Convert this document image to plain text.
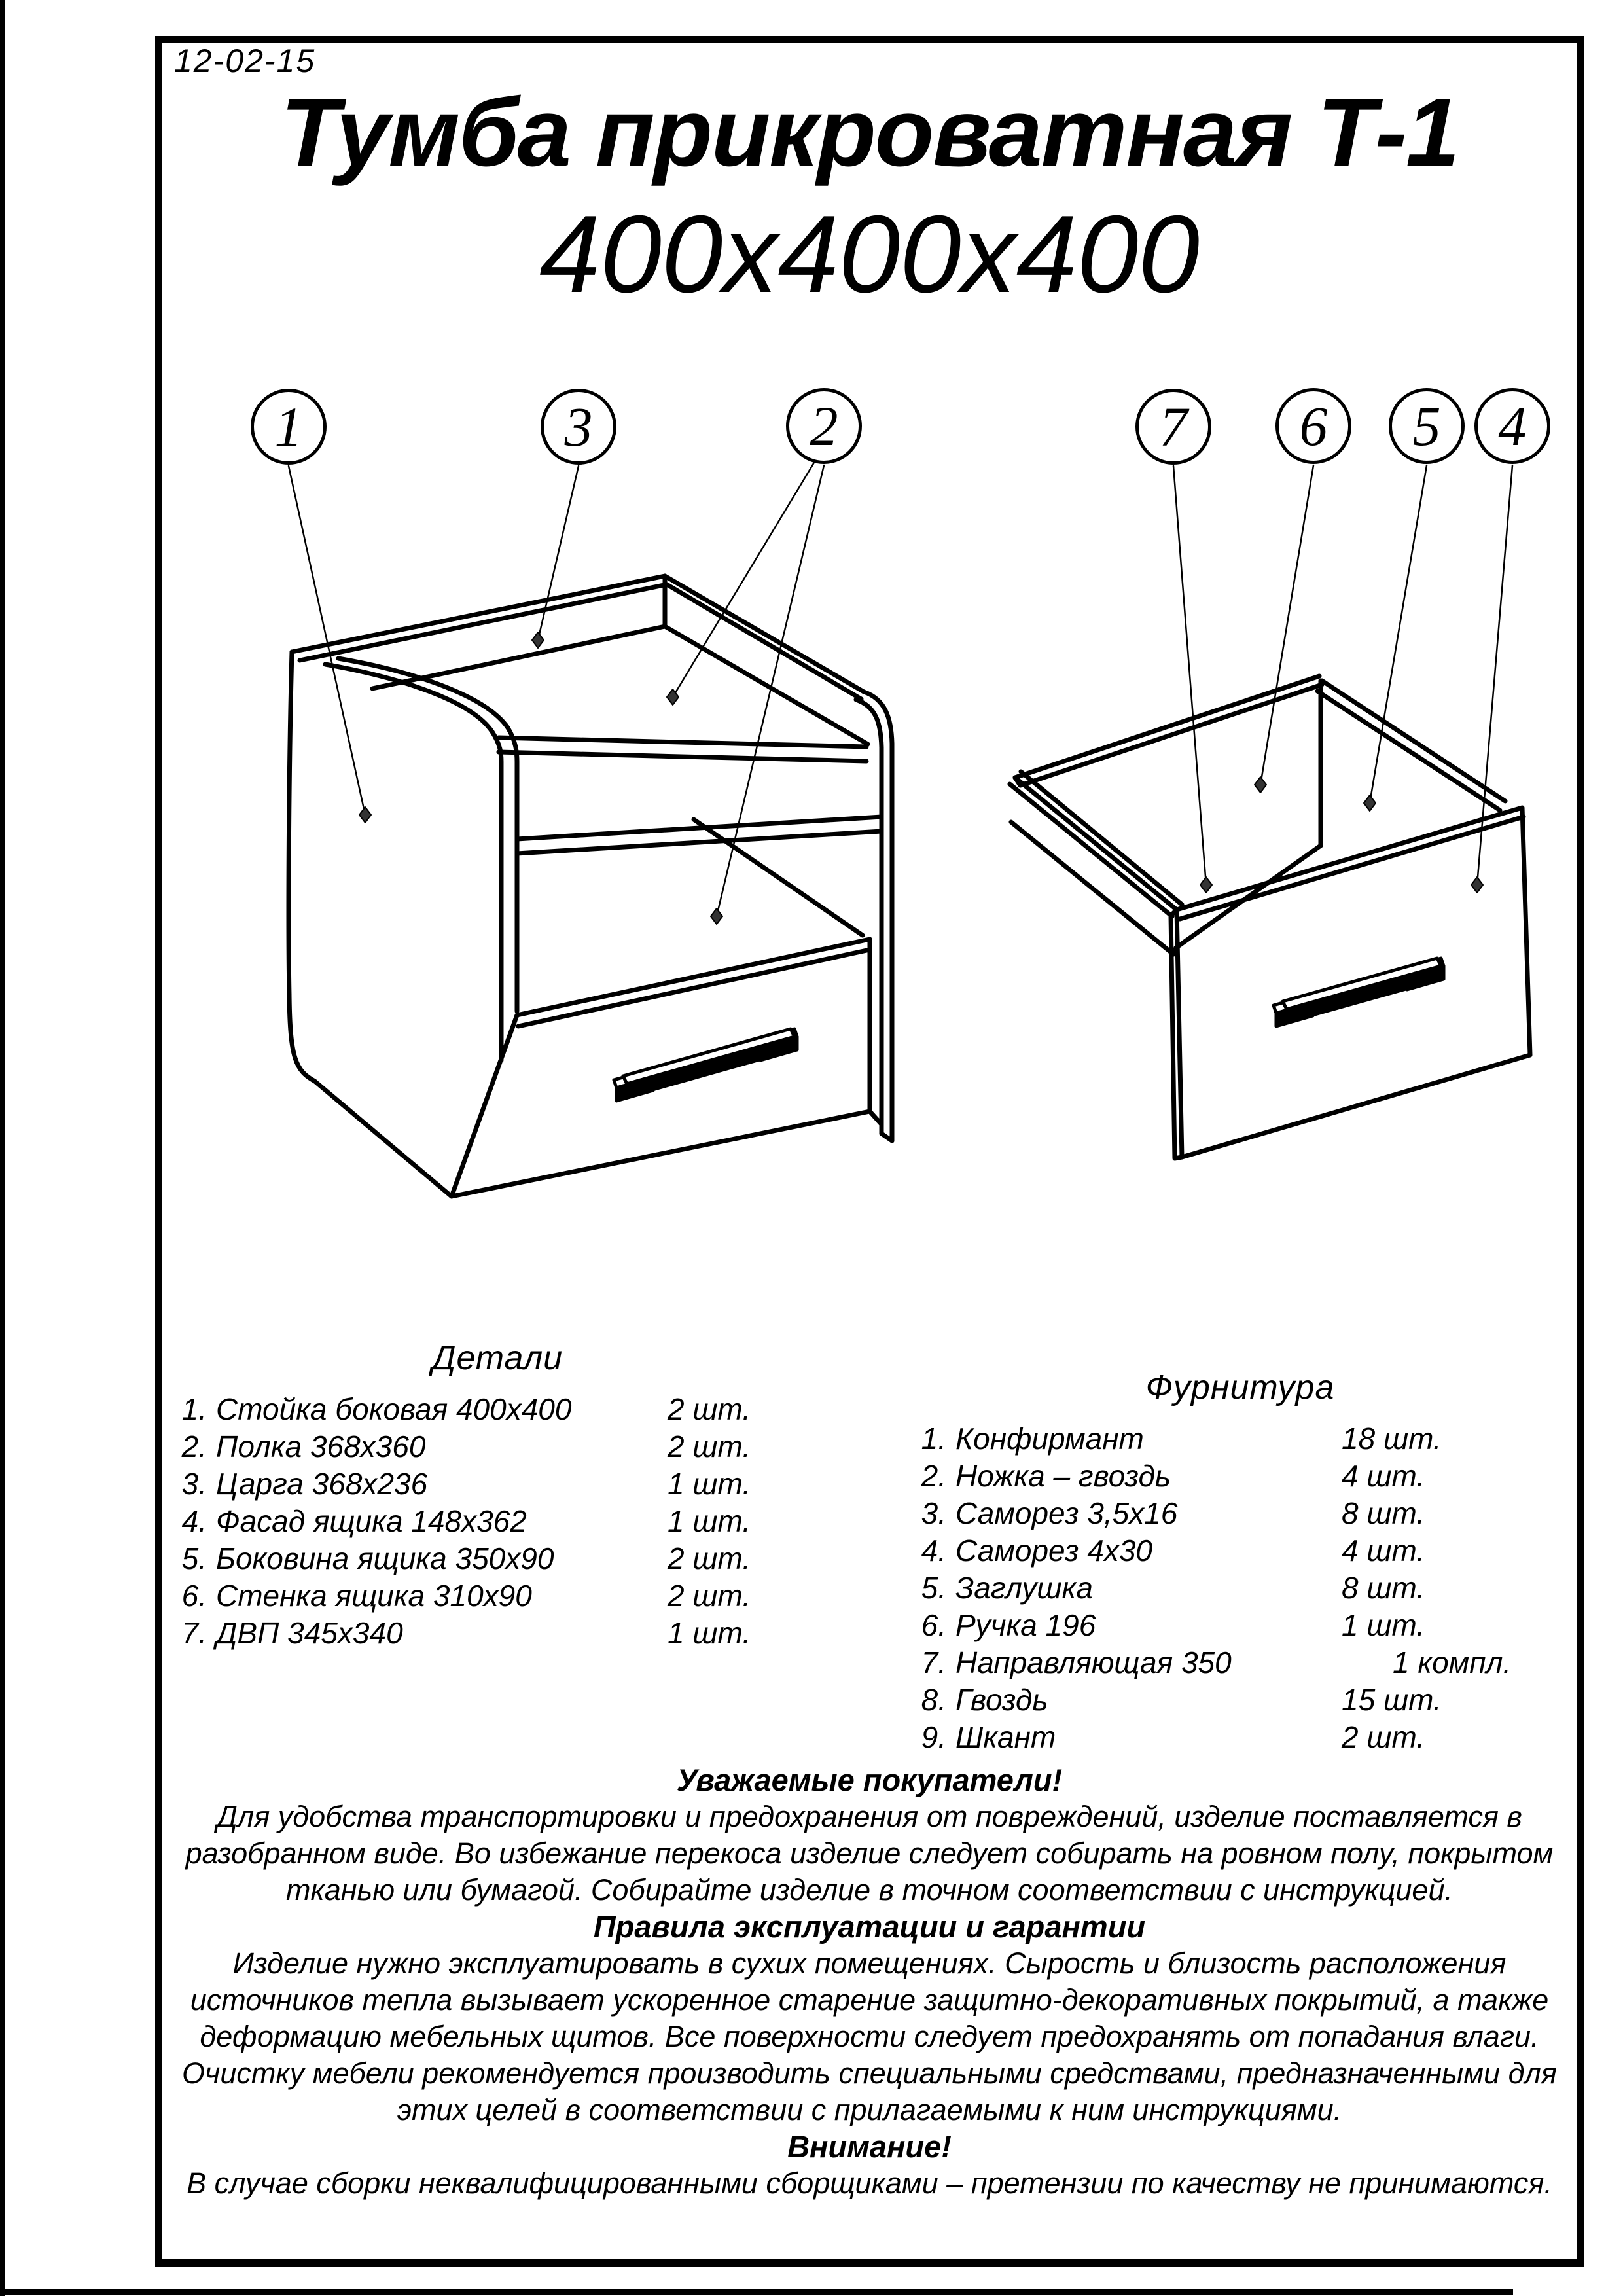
12-02-15
Тумба прикроватная Т-1
400х400х400
1	3	2	7 6 5 4
Детали
1. Стойка боковая 400х400	2 шт.
2. Полка 368х360	2 шт.
3. Царга 368х236	1 шт.
4. Фасад ящика 148х362	1 шт.
5. Боковина ящика 350х90	2 шт.
6. Стенка ящика 310х90	2 шт.
7. ДВП 345х340	1 шт.
Фурнитура
1. Конфирмант	18 шт.
2. Ножка – гвоздь	4 шт.
3. Саморез 3,5х16	8 шт.
4. Саморез 4х30	4 шт.
5. Заглушка	8 шт.
6. Ручка 196	1 шт.
7. Направляющая 350	1 компл.
8. Гвоздь	15 шт.
9. Шкант	2 шт.
Уважаемые покупатели!
Для удобства транспортировки и предохранения от повреждений, изделие поставляется в
разобранном виде. Во избежание перекоса изделие следует собирать на ровном полу, покрытом
тканью или бумагой. Собирайте изделие в точном соответствии с инструкцией.
Правила эксплуатации и гарантии
Изделие нужно эксплуатировать в сухих помещениях. Сырость и близость расположения
источников тепла вызывает ускоренное старение защитно-декоративных покрытий, а также
деформацию мебельных щитов. Все поверхности следует предохранять от попадания влаги.
Очистку мебели рекомендуется производить специальными средствами, предназначенными для
этих целей в соответствии с прилагаемыми к ним инструкциями.
Внимание!
В случае сборки неквалифицированными сборщиками – претензии по качеству не принимаются.
